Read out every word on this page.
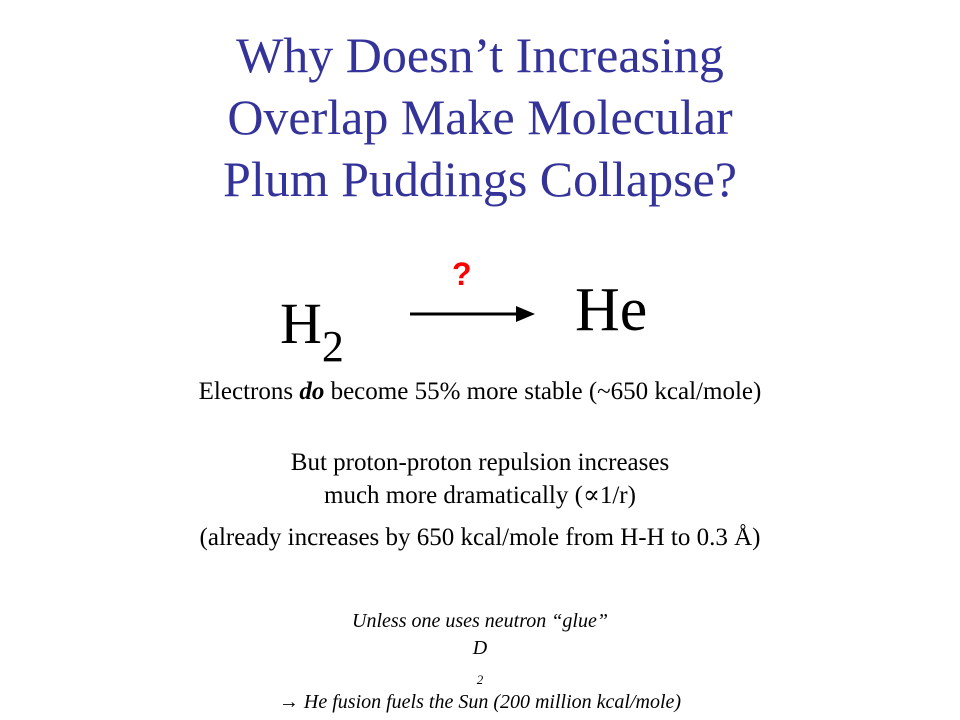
Why Doesn’t Increasing
Overlap Make Molecular
Plum Puddings Collapse?
$H_2$
?
He
Electrons do become 55% more stable (~650 kcal/mole)
But proton-proton repulsion increases
much more dramatically (∝1/r)
(already increases by 650 kcal/mole from H-H to 0.3 Å)
Unless one uses neutron “glue”
D
$_2$
→ He fusion fuels the Sun (200 million kcal/mole)
